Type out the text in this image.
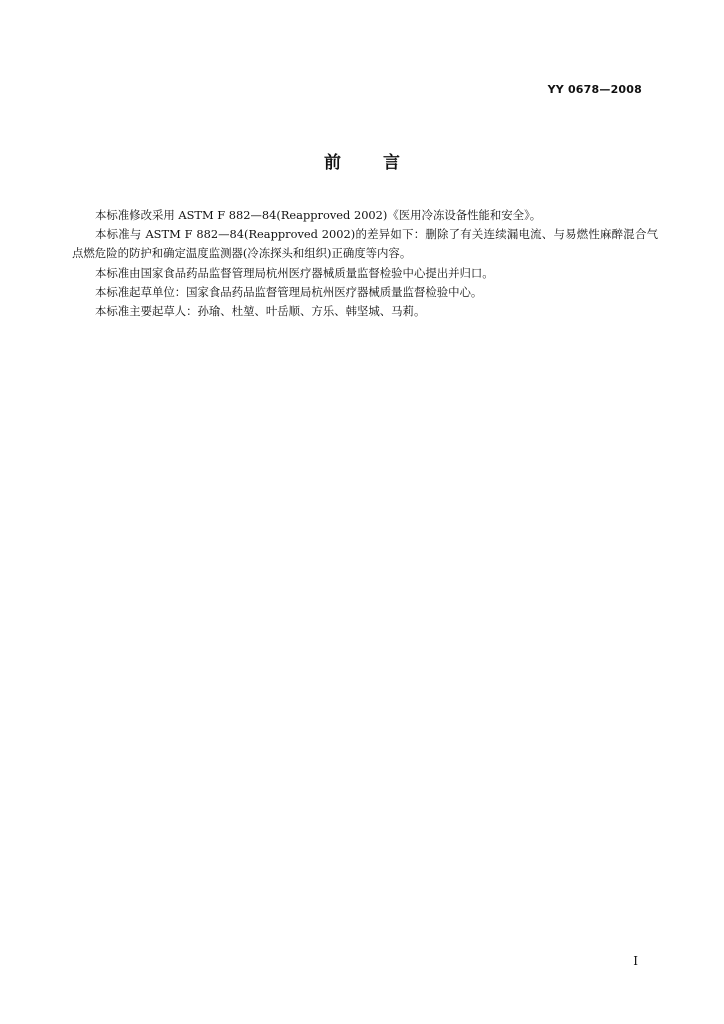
YY 0678—2008
前言

本标准修改采用 ASTM F 882—84(Reapproved 2002)《医用冷冻设备性能和安全》。

本标准与 ASTM F 882—84(Reapproved 2002)的差异如下：删除了有关连续漏电流、与易燃性麻醉混合气点燃危险的防护和确定温度监测器(冷冻探头和组织)正确度等内容。

本标准由国家食品药品监督管理局杭州医疗器械质量监督检验中心提出并归口。

本标准起草单位：国家食品药品监督管理局杭州医疗器械质量监督检验中心。

本标准主要起草人：孙瑜、杜堃、叶岳顺、方乐、韩坚城、马莉。

I
